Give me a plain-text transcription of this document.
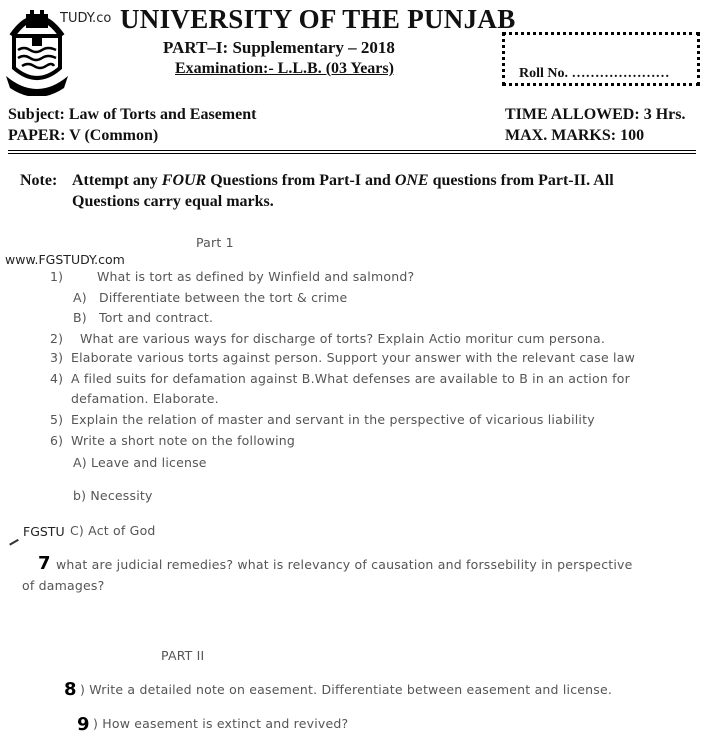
TUDY.co UNIVERSITY OF THE PUNJAB
PART–I: Supplementary – 2018
Examination:- L.L.B. (03 Years)	Roll No. …………………
Subject: Law of Torts and Easement
PAPER: V (Common)
TIME ALLOWED: 3 Hrs.
MAX. MARKS: 100
Note: Attempt any FOUR Questions from Part-I and ONE questions from Part-II. All
Questions carry equal marks.
Part 1
www.FGSTUDY.com
1)	What is tort as defined by Winfield and salmond?
A) Differentiate between the tort & crime
B) Tort and contract.
2) What are various ways for discharge of torts? Explain Actio moritur cum persona.
3) Elaborate various torts against person. Support your answer with the relevant case law
4) A filed suits for defamation against B.What defenses are available to B in an action for
defamation. Elaborate.
5) Explain the relation of master and servant in the perspective of vicarious liability
6) Write a short note on the following
A) Leave and license
b) Necessity
FGSTU C) Act of God
7 what are judicial remedies? what is relevancy of causation and forssebility in perspective
of damages?
PART II
8 ) Write a detailed note on easement. Differentiate between easement and license.
9 ) How easement is extinct and revived?
